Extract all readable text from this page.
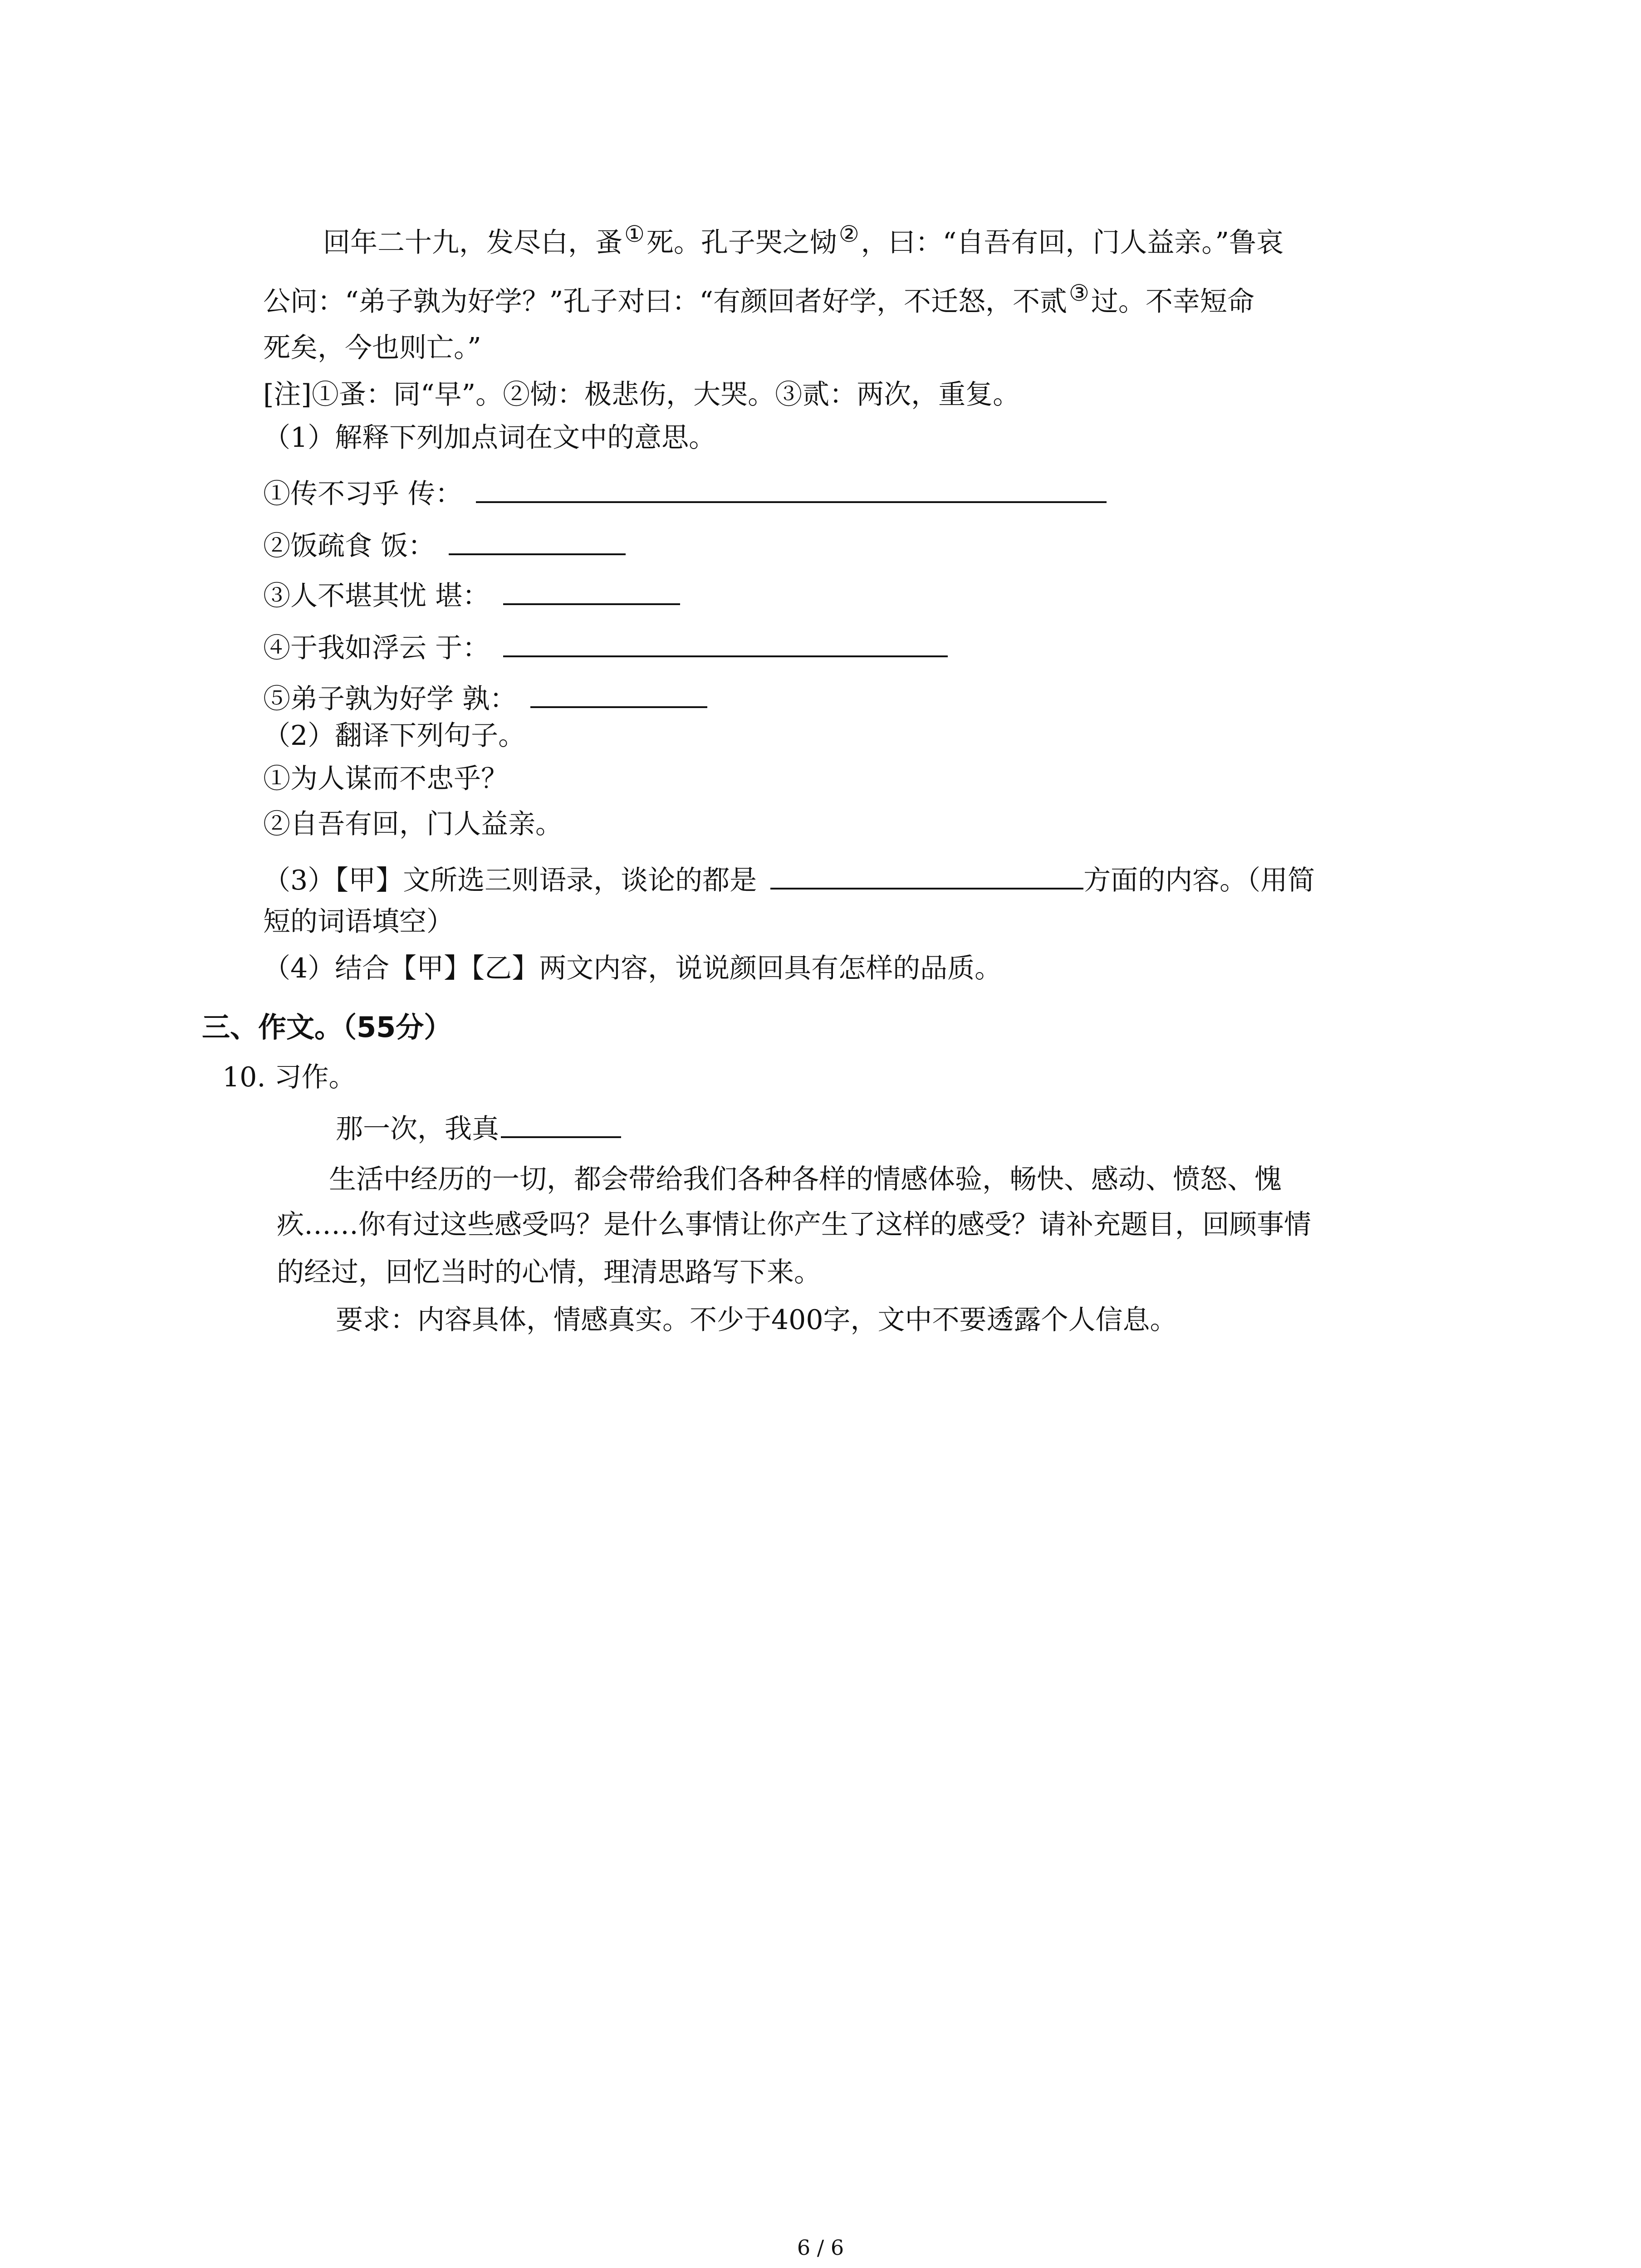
回年二十九，发尽白，蚤①死。孔子哭之恸②，曰：“自吾有回，门人益亲。”鲁哀
公问：“弟子孰为好学？”孔子对曰：“有颜回者好学，不迁怒，不贰③过。不幸短命
死矣，今也则亡。”
[注]①蚤：同“早”。②恸：极悲伤，大哭。③贰：两次，重复。
（1）解释下列加点词在文中的意思。
①传不习乎 传：
②饭疏食 饭：
③人不堪其忧 堪：
④于我如浮云 于：
⑤弟子孰为好学 孰：
（2）翻译下列句子。
①为人谋而不忠乎？
②自吾有回，门人益亲。
（3）【甲】文所选三则语录，谈论的都是	方面的内容。（用简
短的词语填空）
（4）结合【甲】【乙】两文内容，说说颜回具有怎样的品质。
三、作文。（55分）
10. 习作。
那一次，我真
生活中经历的一切，都会带给我们各种各样的情感体验，畅快、感动、愤怒、愧
疚……你有过这些感受吗？是什么事情让你产生了这样的感受？请补充题目，回顾事情
的经过，回忆当时的心情，理清思路写下来。
要求：内容具体，情感真实。不少于400字，文中不要透露个人信息。
6 / 6
